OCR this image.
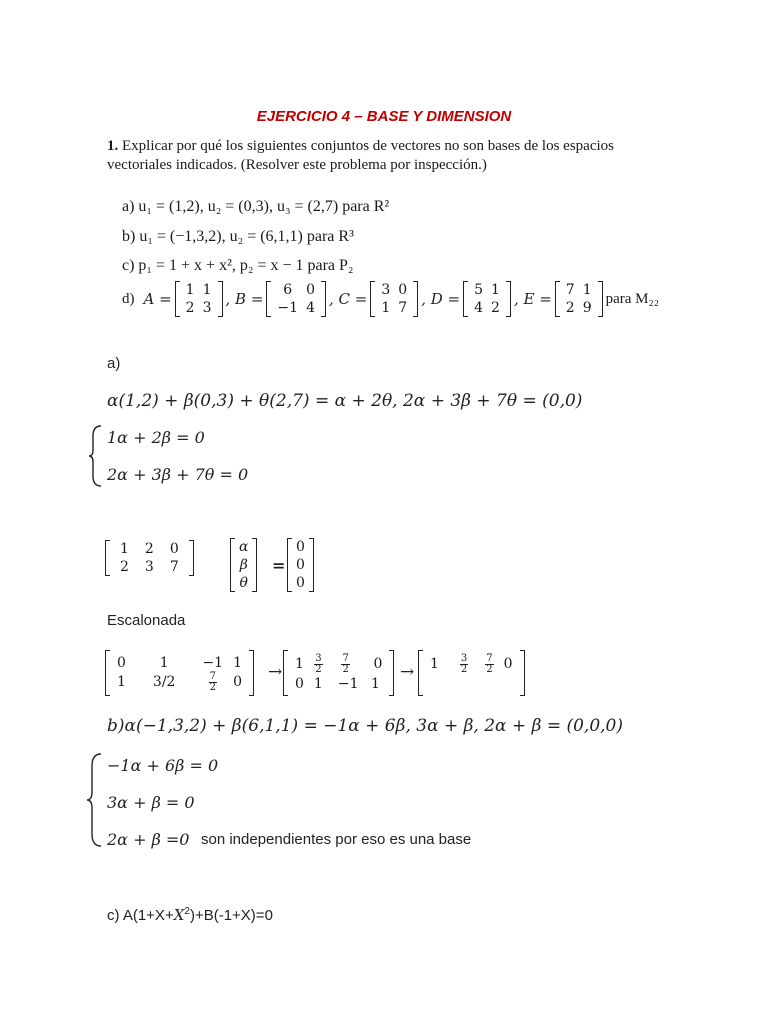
EJERCICIO 4 – BASE Y DIMENSION
1. Explicar por qué los siguientes conjuntos de vectores no son bases de los espacios
vectoriales indicados. (Resolver este problema por inspección.)
a) u₁ = (1,2), u₂ = (0,3), u₃ = (2,7) para R²
b) u₁ = (−1,3,2), u₂ = (6,1,1) para R³
c) p₁ = 1 + x + x², p₂ = x − 1 para P₂
d) A = 1	1
2	3 , B = 6	0
−1	4 , C = 3	0
1	7 , D = 5	1
4	2 , E = 7	1
2	9
para M₂₂
a)
α(1,2) + β(0,3) + θ(2,7) = α + 2θ, 2α + 3β + 7θ = (0,0)
1α + 2β = 0
2α + 3β + 7θ = 0
1	2	0
2	3	7
α
β
θ
=
0
0
0
Escalonada
0	1	−1	1
1	3/2	$\frac{7}{2}$	0 → 1	$\frac{3}{2}$	$\frac{7}{2}$	0
0	1	−1	1
→ 1	$\frac{3}{2}$	$\frac{7}{2}$	0

b)α(−1,3,2) + β(6,1,1) = −1α + 6β, 3α + β, 2α + β = (0,0,0)
−1α + 6β = 0
3α + β = 0
2α + β =0 son independientes por eso es una base
c) $A(1+X+X^2)+B(-1+X)=0$
